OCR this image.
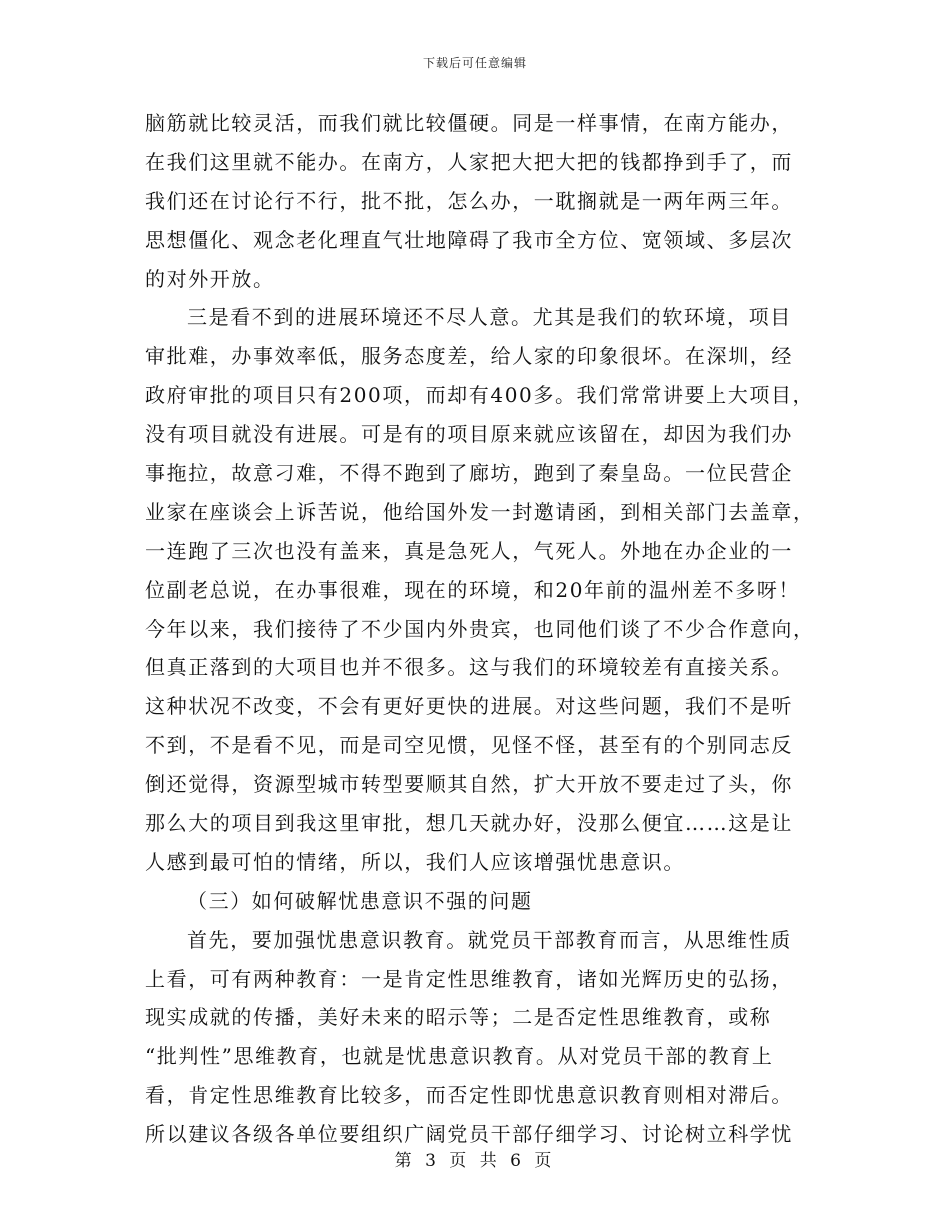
下载后可任意编辑
脑筋就比较灵活，而我们就比较僵硬。同是一样事情，在南方能办，
在我们这里就不能办。在南方，人家把大把大把的钱都挣到手了，而
我们还在讨论行不行，批不批，怎么办，一耽搁就是一两年两三年。
思想僵化、观念老化理直气壮地障碍了我市全方位、宽领域、多层次
的对外开放。
三是看不到的进展环境还不尽人意。尤其是我们的软环境，项目
审批难，办事效率低，服务态度差，给人家的印象很坏。在深圳，经
政府审批的项目只有200项，而却有400多。我们常常讲要上大项目，
没有项目就没有进展。可是有的项目原来就应该留在，却因为我们办
事拖拉，故意刁难，不得不跑到了廊坊，跑到了秦皇岛。一位民营企
业家在座谈会上诉苦说，他给国外发一封邀请函，到相关部门去盖章，
一连跑了三次也没有盖来，真是急死人，气死人。外地在办企业的一
位副老总说，在办事很难，现在的环境，和20年前的温州差不多呀！
今年以来，我们接待了不少国内外贵宾，也同他们谈了不少合作意向，
但真正落到的大项目也并不很多。这与我们的环境较差有直接关系。
这种状况不改变，不会有更好更快的进展。对这些问题，我们不是听
不到，不是看不见，而是司空见惯，见怪不怪，甚至有的个别同志反
倒还觉得，资源型城市转型要顺其自然，扩大开放不要走过了头，你
那么大的项目到我这里审批，想几天就办好，没那么便宜……这是让
人感到最可怕的情绪，所以，我们人应该增强忧患意识。
（三）如何破解忧患意识不强的问题
首先，要加强忧患意识教育。就党员干部教育而言，从思维性质
上看，可有两种教育：一是肯定性思维教育，诸如光辉历史的弘扬，
现实成就的传播，美好未来的昭示等；二是否定性思维教育，或称
“批判性”思维教育，也就是忧患意识教育。从对党员干部的教育上
看，肯定性思维教育比较多，而否定性即忧患意识教育则相对滞后。
所以建议各级各单位要组织广阔党员干部仔细学习、讨论树立科学忧
第 3 页 共 6 页
